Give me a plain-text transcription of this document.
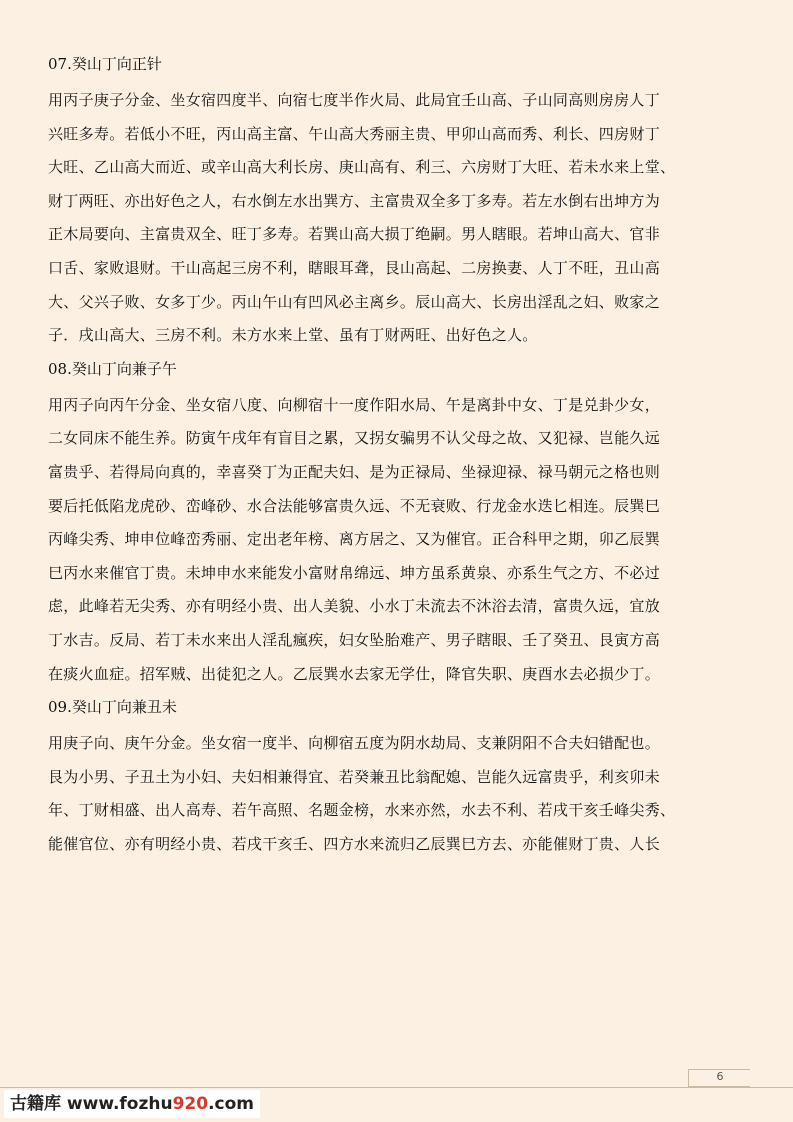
07.癸山丁向正针
用丙子庚子分金、坐女宿四度半、向宿七度半作火局、此局宜壬山高、子山同高则房房人丁
兴旺多寿。若低小不旺，丙山高主富、午山高大秀丽主贵、甲卯山高而秀、利长、四房财丁
大旺、乙山高大而近、或辛山高大利长房、庚山高有、利三、六房财丁大旺、若未水来上堂、
财丁两旺、亦出好色之人，右水倒左水出巽方、主富贵双全多丁多寿。若左水倒右出坤方为
正木局要向、主富贵双全、旺丁多寿。若巽山高大损丁绝嗣。男人瞎眼。若坤山高大、官非
口舌、家败退财。干山高起三房不利，瞎眼耳聋，艮山高起、二房换妻、人丁不旺，丑山高
大、父兴子败、女多丁少。丙山午山有凹风必主离乡。辰山高大、长房出淫乱之妇、败家之
子．戌山高大、三房不利。未方水来上堂、虽有丁财两旺、出好色之人。
08.癸山丁向兼子午
用丙子向丙午分金、坐女宿八度、向柳宿十一度作阳水局、午是离卦中女、丁是兑卦少女，
二女同床不能生养。防寅午戌年有盲目之累，又拐女骗男不认父母之故、又犯禄、岂能久远
富贵乎、若得局向真的，幸喜癸丁为正配夫妇、是为正禄局、坐禄迎禄、禄马朝元之格也则
要后托低陷龙虎砂、峦峰砂、水合法能够富贵久远、不无衰败、行龙金水迭匕相连。辰巽巳
丙峰尖秀、坤申位峰峦秀丽、定出老年榜、离方居之、又为催官。正合科甲之期，卯乙辰巽
巳丙水来催官丁贵。未坤申水来能发小富财帛绵远、坤方虽系黄泉、亦系生气之方、不必过
虑，此峰若无尖秀、亦有明经小贵、出人美貌、小水丁未流去不沐浴去清，富贵久远，宜放
丁水吉。反局、若丁未水来出人淫乱瘋疾，妇女坠胎难产、男子瞎眼、壬了癸丑、艮寅方高
在痰火血症。招军贼、出徒犯之人。乙辰巽水去家无学仕，降官失职、庚酉水去必损少丁。
09.癸山丁向兼丑未
用庚子向、庚午分金。坐女宿一度半、向柳宿五度为阴水劫局、支兼阴阳不合夫妇错配也。
艮为小男、子丑土为小妇、夫妇相兼得宜、若癸兼丑比翁配媳、岂能久远富贵乎，利亥卯未
年、丁财相盛、出人高寿、若午高照、名题金榜，水来亦然，水去不利、若戌干亥壬峰尖秀、
能催官位、亦有明经小贵、若戌干亥壬、四方水来流归乙辰巽巳方去、亦能催财丁贵、人长
6
古籍库 www.fozhu920.com
